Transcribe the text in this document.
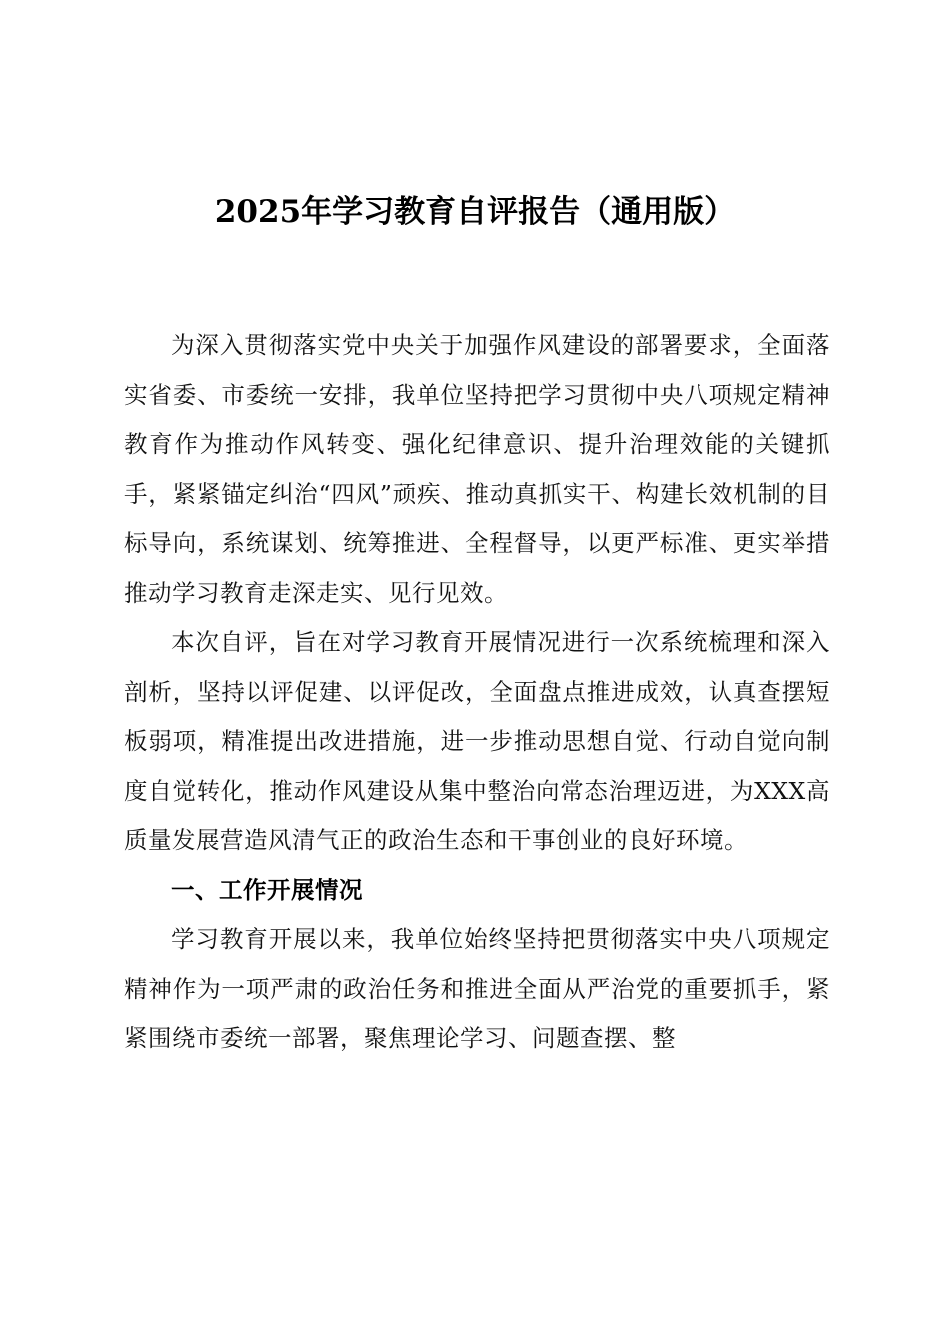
2025年学习教育自评报告（通用版）

为深入贯彻落实党中央关于加强作风建设的部署要求，全面落实省委、市委统一安排，我单位坚持把学习贯彻中央八项规定精神教育作为推动作风转变、强化纪律意识、提升治理效能的关键抓手，紧紧锚定纠治“四风”顽疾、推动真抓实干、构建长效机制的目标导向，系统谋划、统筹推进、全程督导，以更严标准、更实举措推动学习教育走深走实、见行见效。

本次自评，旨在对学习教育开展情况进行一次系统梳理和深入剖析，坚持以评促建、以评促改，全面盘点推进成效，认真查摆短板弱项，精准提出改进措施，进一步推动思想自觉、行动自觉向制度自觉转化，推动作风建设从集中整治向常态治理迈进，为XXX高质量发展营造风清气正的政治生态和干事创业的良好环境。

一、工作开展情况

学习教育开展以来，我单位始终坚持把贯彻落实中央八项规定精神作为一项严肃的政治任务和推进全面从严治党的重要抓手，紧紧围绕市委统一部署，聚焦理论学习、问题查摆、整
